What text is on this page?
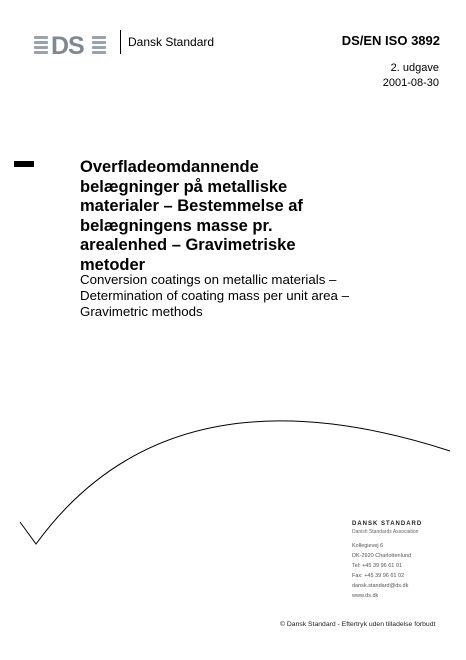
DS	Dansk Standard	DS/EN ISO 3892
2. udgave
2001-08-30
Overfladeomdannende
belægninger på metalliske
materialer – Bestemmelse af
belægningens masse pr.
arealenhed – Gravimetriske
metoder
Conversion coatings on metallic materials –
Determination of coating mass per unit area –
Gravimetric methods
DANSK STANDARD
Danish Standards Association
Kollegievej 6
DK-2920 Charlottenlund
Tel: +45 39 96 61 01
Fax: +45 39 96 61 02
dansk.standard@ds.dk
www.ds.dk
© Dansk Standard - Eftertryk uden tilladelse forbudt
